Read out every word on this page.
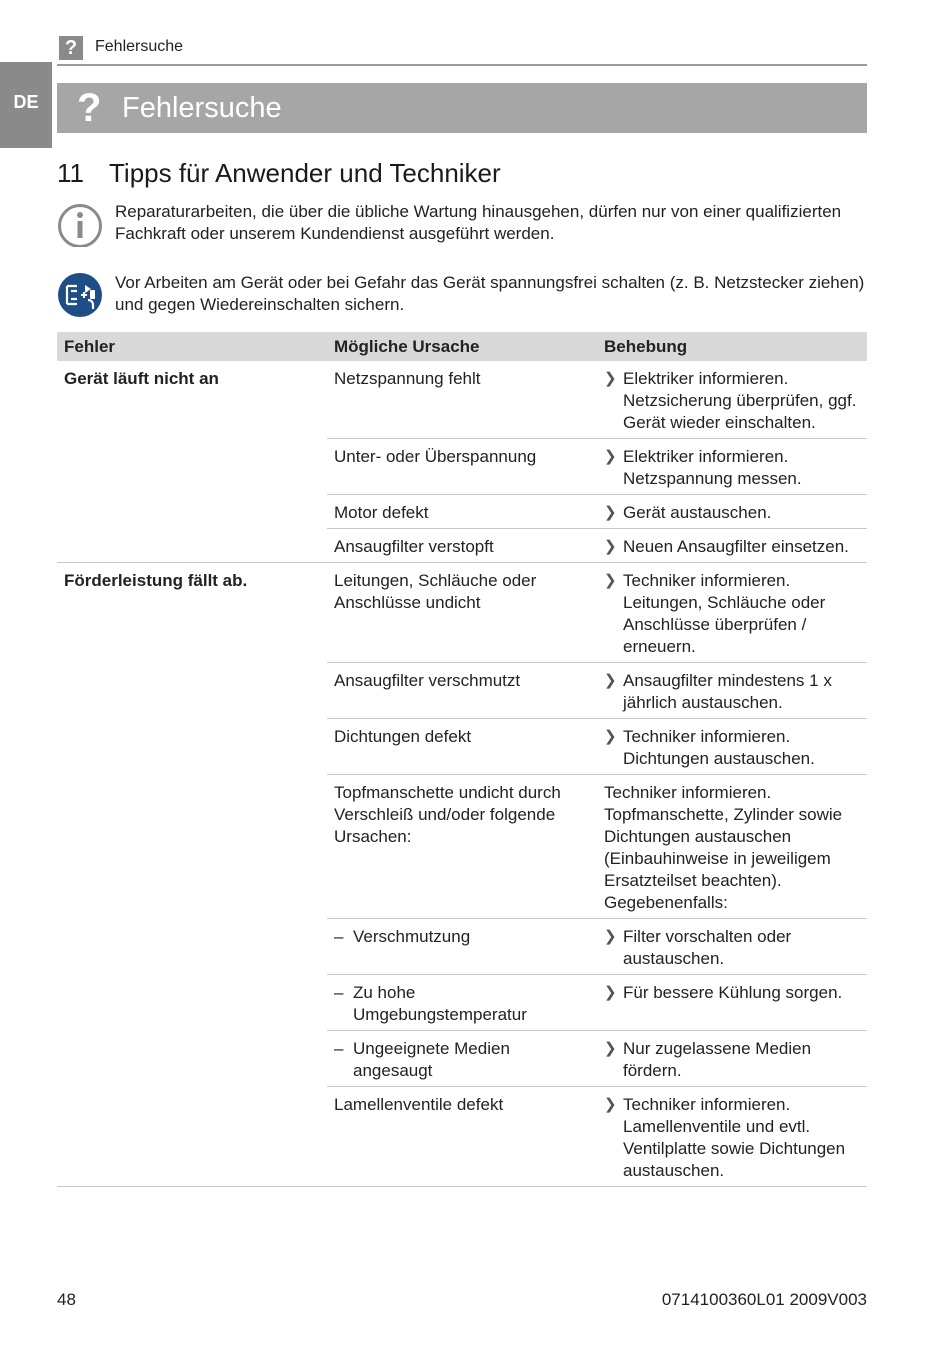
?	Fehlersuche
DE ? Fehlersuche
11 Tipps für Anwender und Techniker
Reparaturarbeiten, die über die übliche Wartung hinausgehen, dürfen nur von einer qualifizierten Fachkraft oder unserem Kundendienst ausgeführt werden.
Vor Arbeiten am Gerät oder bei Gefahr das Gerät spannungsfrei schalten (z. B. Netzstecker ziehen) und gegen Wiedereinschalten sichern.
Fehler	Mögliche Ursache	Behebung
Gerät läuft nicht an	Netzspannung fehlt	❯ Elektriker informieren. Netzsicherung überprüfen, ggf. Gerät wieder einschalten.

	Unter- oder Überspannung	❯ Elektriker informieren. Netzspannung messen.

	Motor defekt	❯ Gerät austauschen.

	Ansaugfilter verstopft	❯ Neuen Ansaugfilter einsetzen.

Förderleistung fällt ab.	Leitungen, Schläuche oder Anschlüsse undicht	❯ Techniker informieren. Leitungen, Schläuche oder Anschlüsse überprüfen / erneuern.

	Ansaugfilter verschmutzt	❯ Ansaugfilter mindestens 1 x jährlich austauschen.

	Dichtungen defekt	❯ Techniker informieren. Dichtungen austauschen.

	Topfmanschette undicht durch Verschleiß und/oder folgende Ursachen:	Techniker informieren. Topfmanschette, Zylinder sowie Dichtungen austauschen (Einbauhinweise in jeweiligem Ersatzteilset beachten).
Gegebenenfalls:

	– Verschmutzung	❯ Filter vorschalten oder austauschen.

	– Zu hohe Umgebungstemperatur	❯ Für bessere Kühlung sorgen.

	– Ungeeignete Medien angesaugt	❯ Nur zugelassene Medien fördern.

	Lamellenventile defekt	❯ Techniker informieren. Lamellenventile und evtl. Ventilplatte sowie Dichtungen austauschen.
48	0714100360L01 2009V003
